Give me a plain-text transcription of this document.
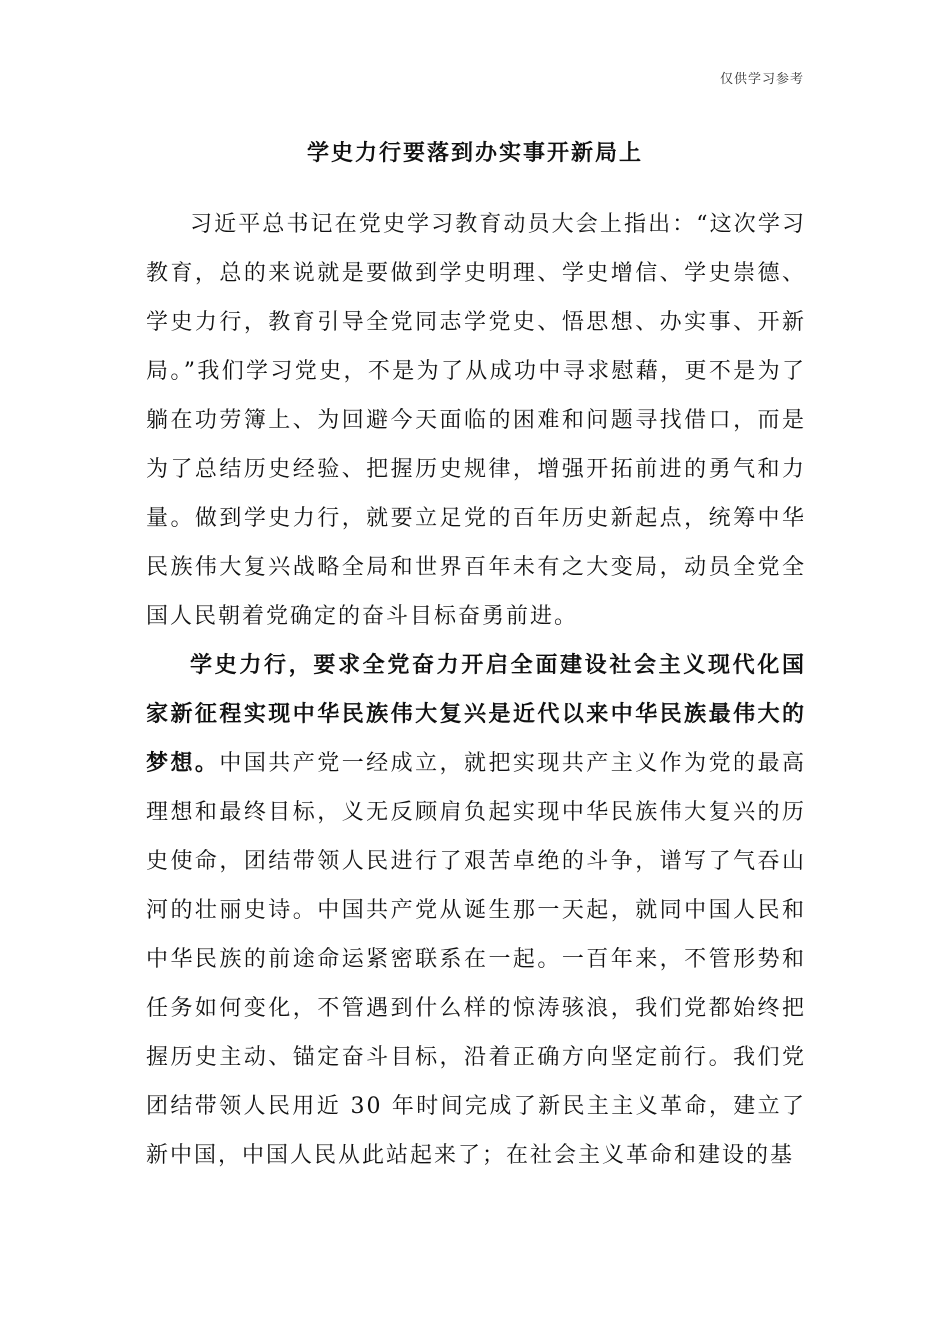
仅供学习参考
学史力行要落到办实事开新局上

习近平总书记在党史学习教育动员大会上指出：“这次学习教育，总的来说就是要做到学史明理、学史增信、学史崇德、学史力行，教育引导全党同志学党史、悟思想、办实事、开新局。”我们学习党史，不是为了从成功中寻求慰藉，更不是为了躺在功劳簿上、为回避今天面临的困难和问题寻找借口，而是为了总结历史经验、把握历史规律，增强开拓前进的勇气和力量。做到学史力行，就要立足党的百年历史新起点，统筹中华民族伟大复兴战略全局和世界百年未有之大变局，动员全党全国人民朝着党确定的奋斗目标奋勇前进。

学史力行，要求全党奋力开启全面建设社会主义现代化国家新征程实现中华民族伟大复兴是近代以来中华民族最伟大的梦想。中国共产党一经成立，就把实现共产主义作为党的最高理想和最终目标，义无反顾肩负起实现中华民族伟大复兴的历史使命，团结带领人民进行了艰苦卓绝的斗争，谱写了气吞山河的壮丽史诗。中国共产党从诞生那一天起，就同中国人民和中华民族的前途命运紧密联系在一起。一百年来，不管形势和任务如何变化，不管遇到什么样的惊涛骇浪，我们党都始终把握历史主动、锚定奋斗目标，沿着正确方向坚定前行。我们党团结带领人民用近 30 年时间完成了新民主主义革命，建立了新中国，中国人民从此站起来了；在社会主义革命和建设的基
